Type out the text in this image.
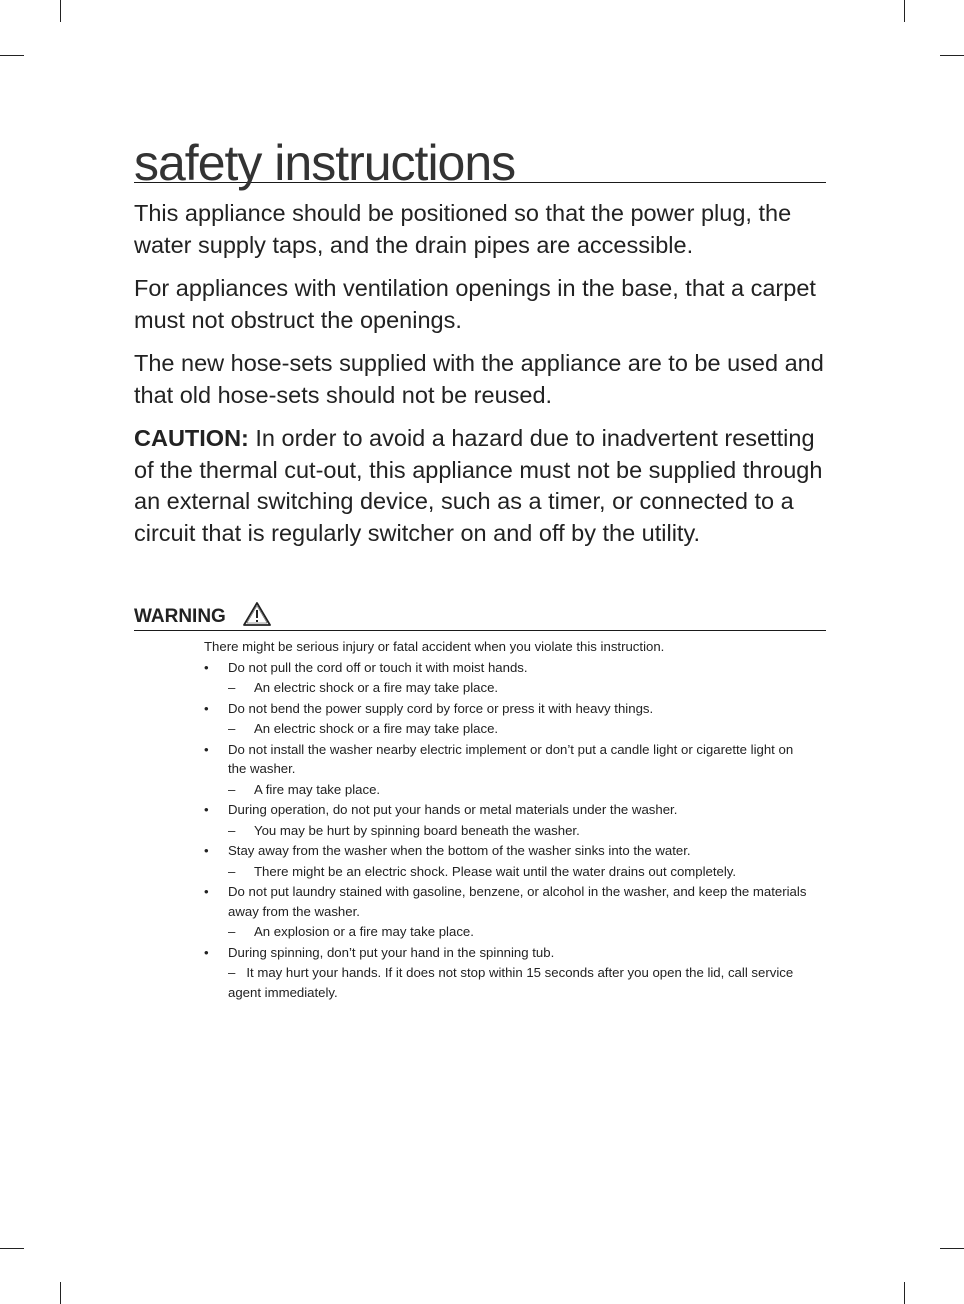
safety instructions

This appliance should be positioned so that the power plug, the water supply taps, and the drain pipes are accessible.

For appliances with ventilation openings in the base, that a carpet must not obstruct the openings.

The new hose-sets supplied with the appliance are to be used and that old hose-sets should not be reused.

CAUTION: In order to avoid a hazard due to inadvertent resetting of the thermal cut-out, this appliance must not be supplied through an external switching device, such as a timer, or connected to a circuit that is regularly switcher on and off by the utility.

WARNING

There might be serious injury or fatal accident when you violate this instruction.

• Do not pull the cord off or touch it with moist hands.
– An electric shock or a fire may take place.
• Do not bend the power supply cord by force or press it with heavy things.
– An electric shock or a fire may take place.
• Do not install the washer nearby electric implement or don’t put a candle light or cigarette light on the washer.
– A fire may take place.
• During operation, do not put your hands or metal materials under the washer.
– You may be hurt by spinning board beneath the washer.
• Stay away from the washer when the bottom of the washer sinks into the water.
– There might be an electric shock. Please wait until the water drains out completely.
• Do not put laundry stained with gasoline, benzene, or alcohol in the washer, and keep the materials away from the washer.
– An explosion or a fire may take place.
• During spinning, don’t put your hand in the spinning tub.
– It may hurt your hands. If it does not stop within 15 seconds after you open the lid, call service agent immediately.
